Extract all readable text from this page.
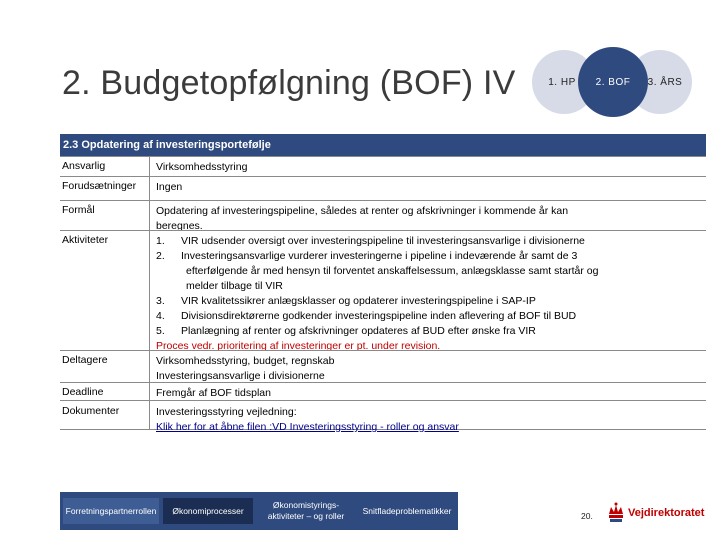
2. Budgetopfølgning (BOF) IV	1. HP	3. ÅRS
2. BOF
2.3 Opdatering af investeringsportefølje
Ansvarlig	Virksomhedsstyring
Forudsætninger	Ingen
Formål	Opdatering af investeringspipeline, således at renter og afskrivninger i kommende år kan
beregnes.
Aktiviteter	1. VIR udsender oversigt over investeringspipeline til investeringsansvarlige i divisionerne
2. Investeringsansvarlige vurderer investeringerne i pipeline i indeværende år samt de 3
efterfølgende år med hensyn til forventet anskaffelsessum, anlægsklasse samt startår og
melder tilbage til VIR
3. VIR kvalitetssikrer anlægsklasser og opdaterer investeringspipeline i SAP-IP
4. Divisionsdirektørerne godkender investeringspipeline inden aflevering af BOF til BUD
5. Planlægning af renter og afskrivninger opdateres af BUD efter ønske fra VIR
Proces vedr. prioritering af investeringer er pt. under revision.
Deltagere	Virksomhedsstyring, budget, regnskab
Investeringsansvarlige i divisionerne
Deadline	Fremgår af BOF tidsplan
Dokumenter	Investeringsstyring vejledning:
Klik her for at åbne filen :VD Investeringsstyring - roller og ansvar
Forretningspartnerrollen	Økonomiprocesser
Økonomistyrings-
aktiviteter – og roller
Snitfladeproblematikker
20.	Vejdirektoratet
